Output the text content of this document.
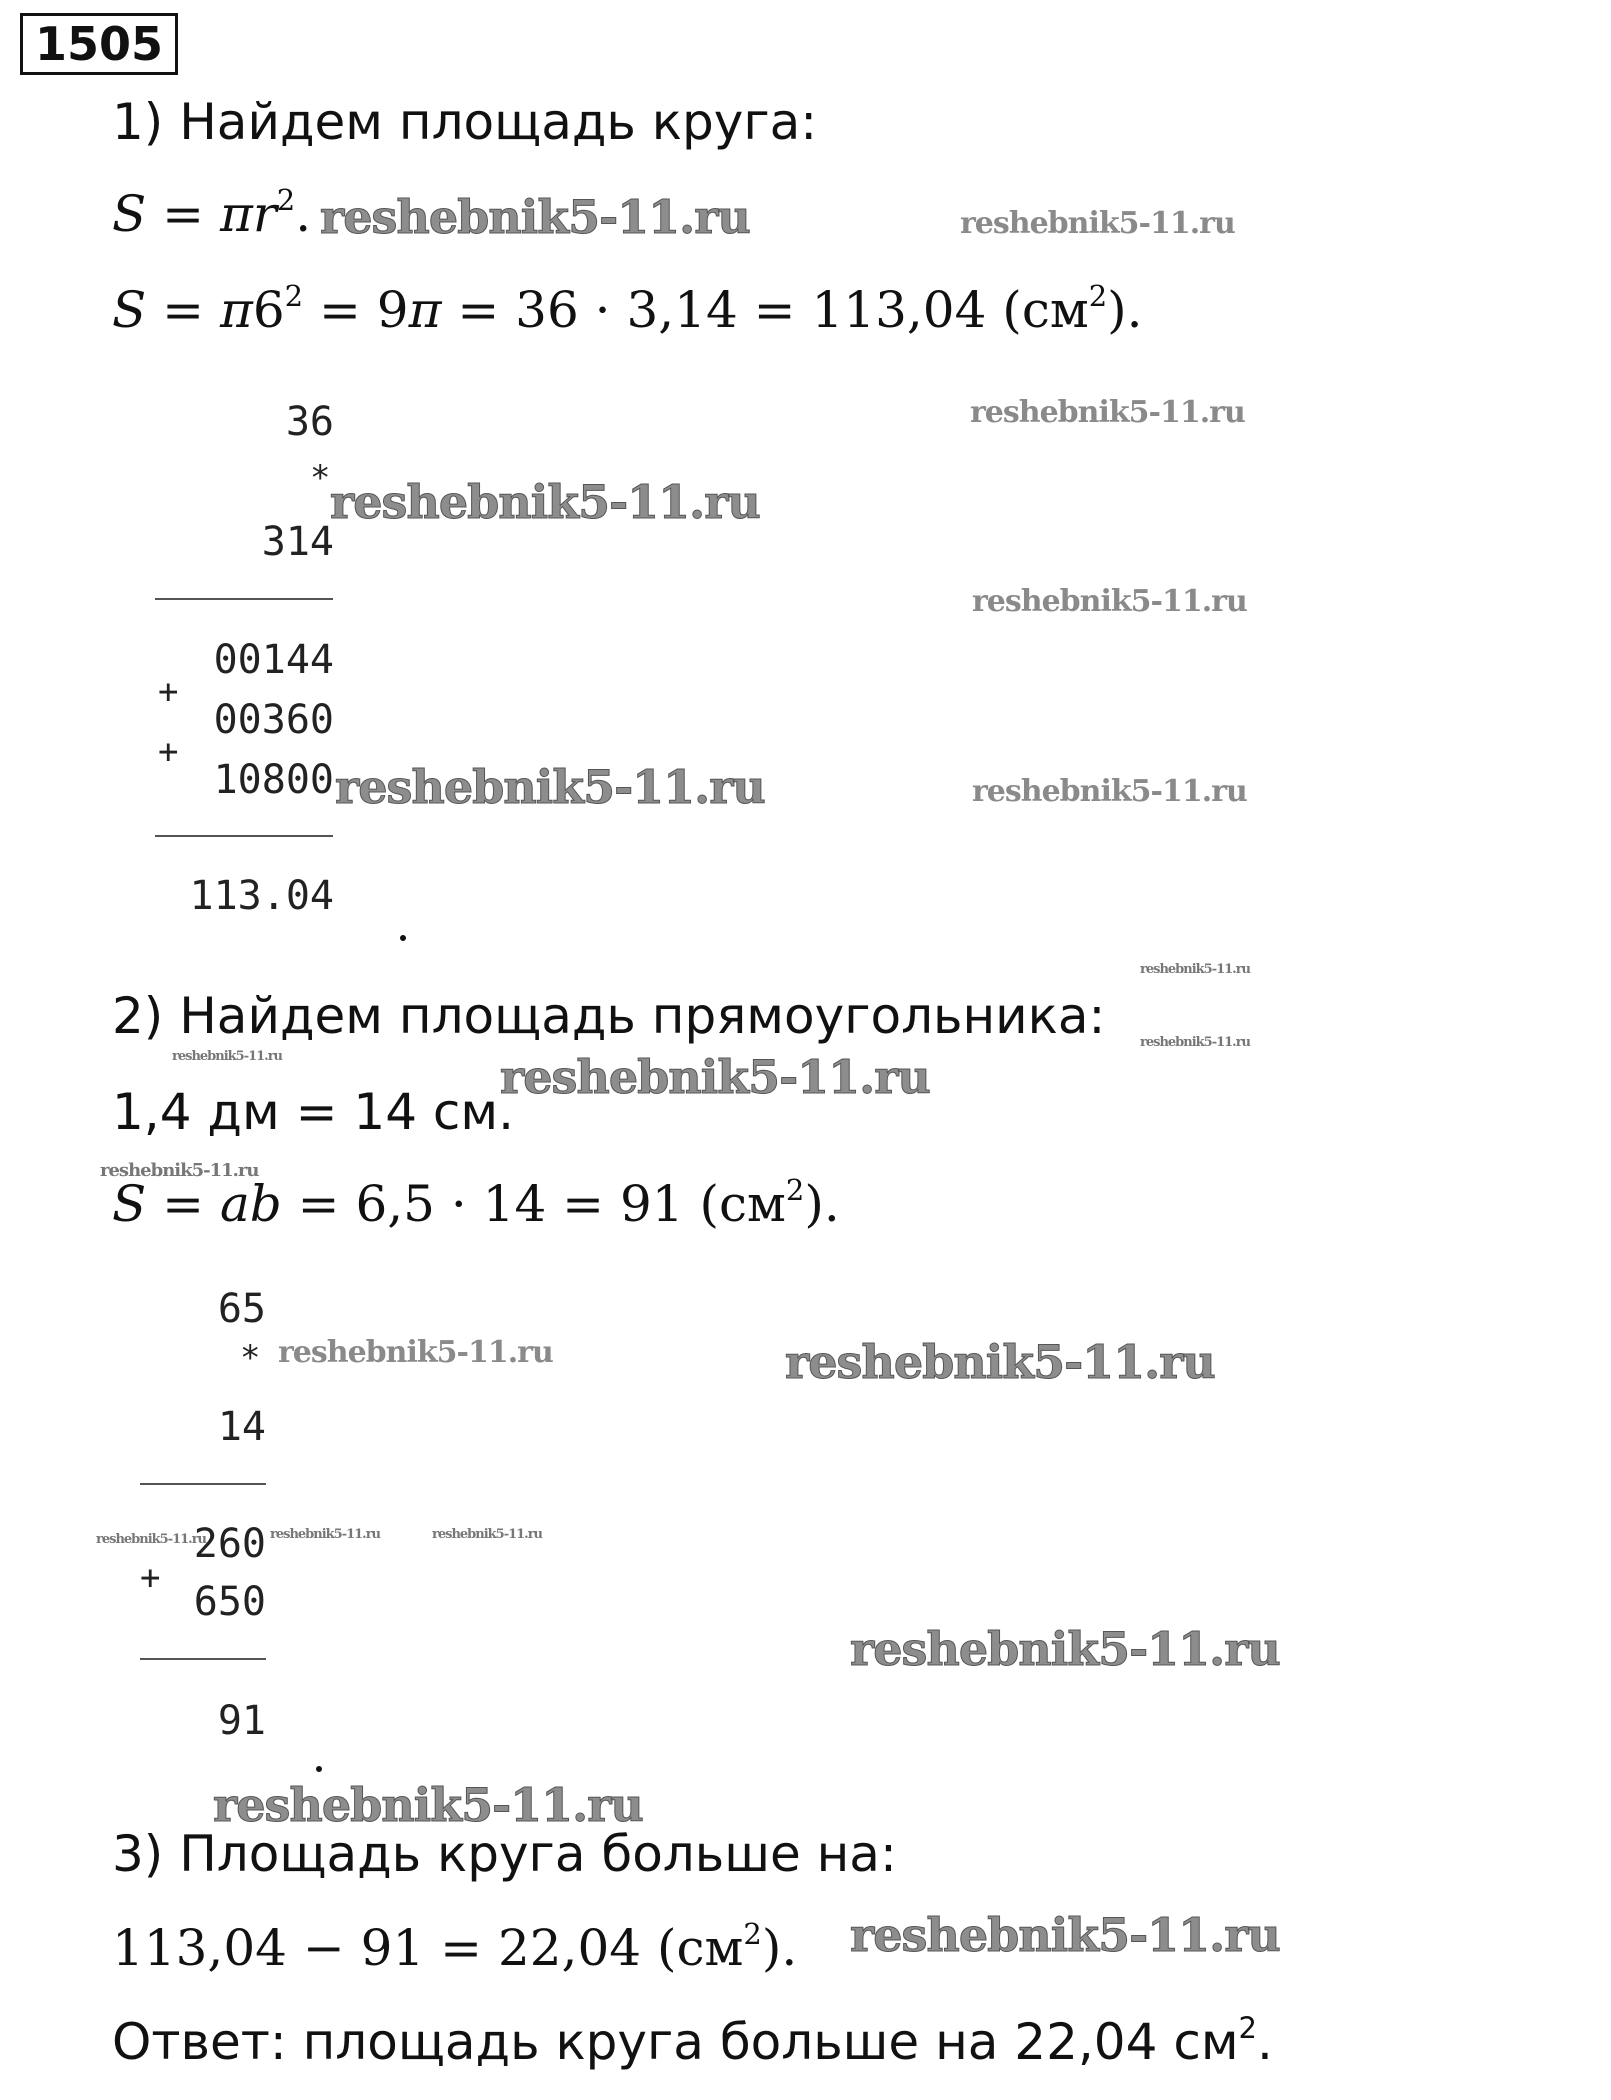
1505
1) Найдем площадь круга:
$S = \pi r^2$.
$S = \pi 6^2 = 9\pi = 36 \cdot 3,14 = 113,04$ $(см^2)$.
36
*
314
00144
+
00360
+
10800
113.04
2) Найдем площадь прямоугольника:
1,4 дм = 14 см.
S = ab = 6,5 · 14 = 91 $(см^2)$.
65
*
14
260
+
650
91
3) Площадь круга больше на:
113,04 − 91 = 22,04 $(см^2)$.
Ответ: площадь круга больше на 22,04 $см^2$.
reshebnik5-11.ru	reshebnik5-11.ru
reshebnik5-11.ru
reshebnik5-11.ru
reshebnik5-11.ru
reshebnik5-11.ru	reshebnik5-11.ru
reshebnik5-11.ru
reshebnik5-11.ru
reshebnik5-11.ru	reshebnik5-11.ru
reshebnik5-11.ru
reshebnik5-11.ru	reshebnik5-11.ru
reshebnik5-11.ru	reshebnik5-11.ru	reshebnik5-11.ru
reshebnik5-11.ru
reshebnik5-11.ru
reshebnik5-11.ru
